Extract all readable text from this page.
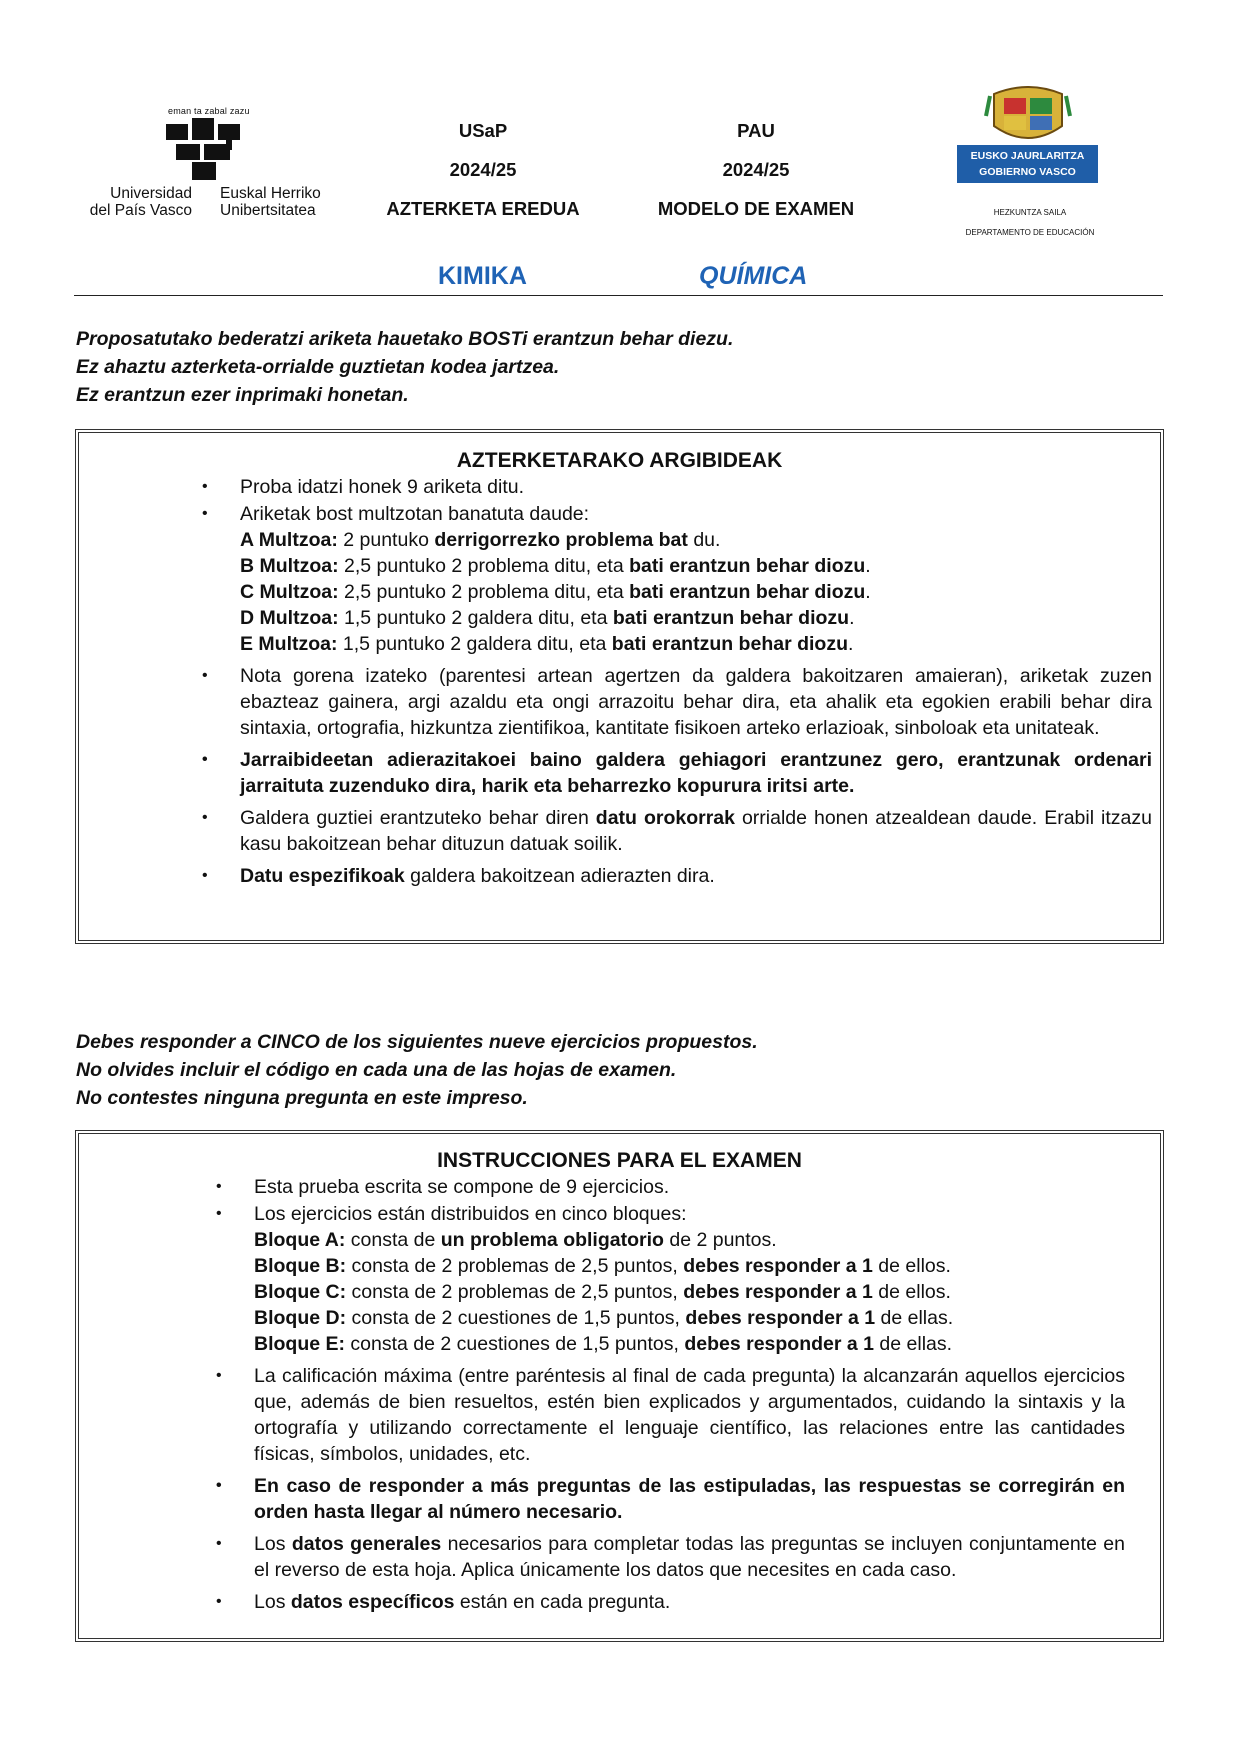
eman ta zabal zazu
Universidad
del País Vasco
Euskal Herriko
Unibertsitatea
USaP
2024/25
AZTERKETA EREDUA
PAU
2024/25
MODELO DE EXAMEN
EUSKO JAURLARITZA
GOBIERNO VASCO
HEZKUNTZA SAILA
DEPARTAMENTO DE EDUCACIÓN
KIMIKA	QUÍMICA
Proposatutako bederatzi ariketa hauetako BOSTi erantzun behar diezu.
Ez ahaztu azterketa-orrialde guztietan kodea jartzea.
Ez erantzun ezer inprimaki honetan.
AZTERKETARAKO ARGIBIDEAK
• Proba idatzi honek 9 ariketa ditu.
• Ariketak bost multzotan banatuta daude:
A Multzoa: 2 puntuko derrigorrezko problema bat du.
B Multzoa: 2,5 puntuko 2 problema ditu, eta bati erantzun behar diozu.
C Multzoa: 2,5 puntuko 2 problema ditu, eta bati erantzun behar diozu.
D Multzoa: 1,5 puntuko 2 galdera ditu, eta bati erantzun behar diozu.
E Multzoa: 1,5 puntuko 2 galdera ditu, eta bati erantzun behar diozu.
• Nota gorena izateko (parentesi artean agertzen da galdera bakoitzaren amaieran), ariketak zuzen ebazteaz gainera, argi azaldu eta ongi arrazoitu behar dira, eta ahalik eta egokien erabili behar dira sintaxia, ortografia, hizkuntza zientifikoa, kantitate fisikoen arteko erlazioak, sinboloak eta unitateak.
• Jarraibideetan adierazitakoei baino galdera gehiagori erantzunez gero, erantzunak ordenari jarraituta zuzenduko dira, harik eta beharrezko kopurura iritsi arte.
• Galdera guztiei erantzuteko behar diren datu orokorrak orrialde honen atzealdean daude. Erabil itzazu kasu bakoitzean behar dituzun datuak soilik.
• Datu espezifikoak galdera bakoitzean adierazten dira.
Debes responder a CINCO de los siguientes nueve ejercicios propuestos.
No olvides incluir el código en cada una de las hojas de examen.
No contestes ninguna pregunta en este impreso.
INSTRUCCIONES PARA EL EXAMEN
• Esta prueba escrita se compone de 9 ejercicios.
• Los ejercicios están distribuidos en cinco bloques:
Bloque A: consta de un problema obligatorio de 2 puntos.
Bloque B: consta de 2 problemas de 2,5 puntos, debes responder a 1 de ellos.
Bloque C: consta de 2 problemas de 2,5 puntos, debes responder a 1 de ellos.
Bloque D: consta de 2 cuestiones de 1,5 puntos, debes responder a 1 de ellas.
Bloque E: consta de 2 cuestiones de 1,5 puntos, debes responder a 1 de ellas.
• La calificación máxima (entre paréntesis al final de cada pregunta) la alcanzarán aquellos ejercicios que, además de bien resueltos, estén bien explicados y argumentados, cuidando la sintaxis y la ortografía y utilizando correctamente el lenguaje científico, las relaciones entre las cantidades físicas, símbolos, unidades, etc.
• En caso de responder a más preguntas de las estipuladas, las respuestas se corregirán en orden hasta llegar al número necesario.
• Los datos generales necesarios para completar todas las preguntas se incluyen conjuntamente en el reverso de esta hoja. Aplica únicamente los datos que necesites en cada caso.
• Los datos específicos están en cada pregunta.
